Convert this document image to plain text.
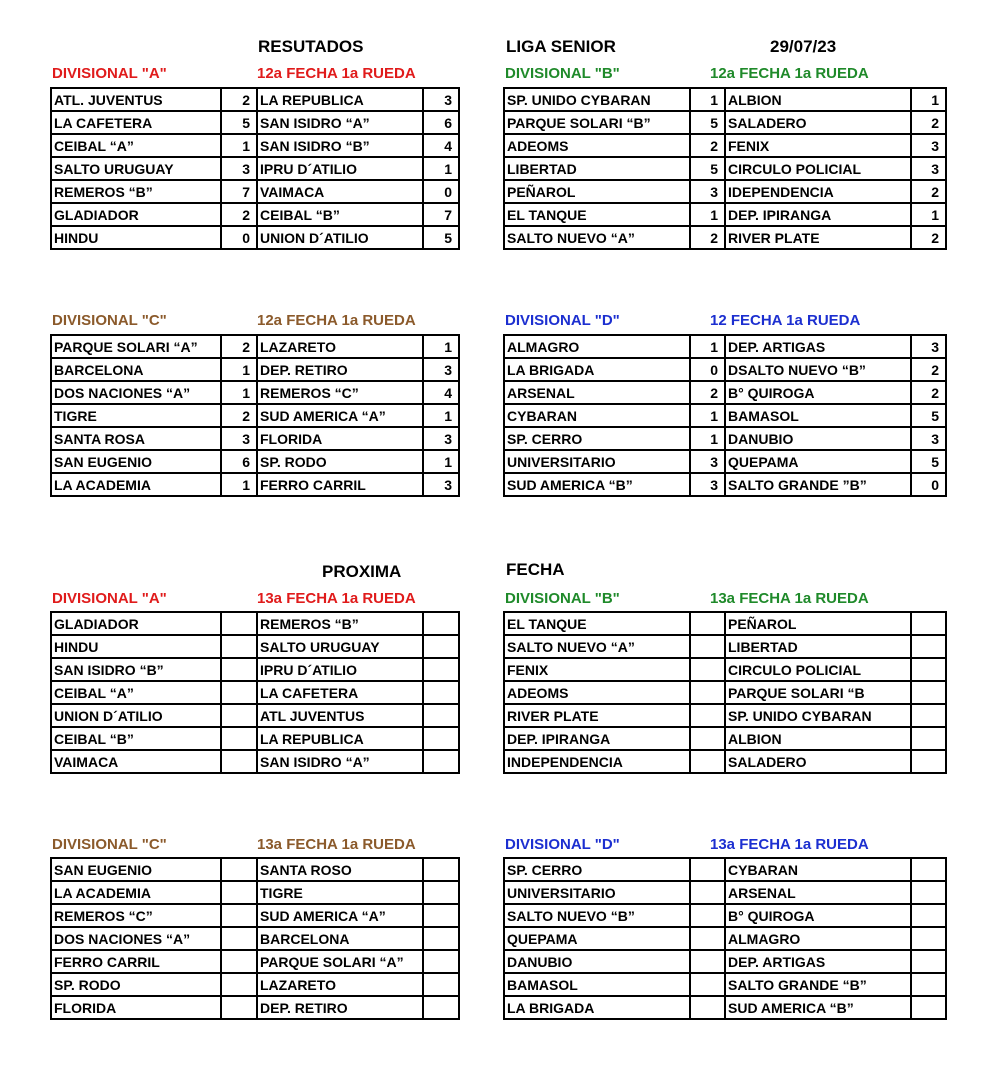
RESUTADOS	LIGA SENIOR	29/07/23
PROXIMA	FECHA
DIVISIONAL "A"	12a FECHA 1a RUEDA
ATL. JUVENTUS	2	LA REPUBLICA	3
LA CAFETERA	5	SAN ISIDRO “A”	6
CEIBAL “A”	1	SAN ISIDRO “B”	4
SALTO URUGUAY	3	IPRU D´ATILIO	1
REMEROS “B”	7	VAIMACA	0
GLADIADOR	2	CEIBAL “B”	7
HINDU	0	UNION D´ATILIO	5
DIVISIONAL "B"	12a FECHA 1a RUEDA
SP. UNIDO CYBARAN	1	ALBION	1
PARQUE SOLARI “B”	5	SALADERO	2
ADEOMS	2	FENIX	3
LIBERTAD	5	CIRCULO POLICIAL	3
PEÑAROL	3	IDEPENDENCIA	2
EL TANQUE	1	DEP. IPIRANGA	1
SALTO NUEVO “A”	2	RIVER PLATE	2
DIVISIONAL "C"	12a FECHA 1a RUEDA
PARQUE SOLARI “A”	2	LAZARETO	1
BARCELONA	1	DEP. RETIRO	3
DOS NACIONES “A”	1	REMEROS “C”	4
TIGRE	2	SUD AMERICA “A”	1
SANTA ROSA	3	FLORIDA	3
SAN EUGENIO	6	SP. RODO	1
LA ACADEMIA	1	FERRO CARRIL	3
DIVISIONAL "D"	12 FECHA 1a RUEDA
ALMAGRO	1	DEP. ARTIGAS	3
LA BRIGADA	0	DSALTO NUEVO “B”	2
ARSENAL	2	B° QUIROGA	2
CYBARAN	1	BAMASOL	5
SP. CERRO	1	DANUBIO	3
UNIVERSITARIO	3	QUEPAMA	5
SUD AMERICA “B”	3	SALTO GRANDE ”B”	0
DIVISIONAL "A"	13a FECHA 1a RUEDA
GLADIADOR		REMEROS “B”	
HINDU		SALTO URUGUAY	
SAN ISIDRO “B”		IPRU D´ATILIO	
CEIBAL “A”		LA CAFETERA	
UNION D´ATILIO		ATL JUVENTUS	
CEIBAL “B”		LA REPUBLICA	
VAIMACA		SAN ISIDRO “A”	
DIVISIONAL "B"	13a FECHA 1a RUEDA
EL TANQUE		PEÑAROL	
SALTO NUEVO “A”		LIBERTAD	
FENIX		CIRCULO POLICIAL	
ADEOMS		PARQUE SOLARI “B	
RIVER PLATE		SP. UNIDO CYBARAN	
DEP. IPIRANGA		ALBION	
INDEPENDENCIA		SALADERO	
DIVISIONAL "C"	13a FECHA 1a RUEDA
SAN EUGENIO		SANTA ROSO	
LA ACADEMIA		TIGRE	
REMEROS “C”		SUD AMERICA “A”	
DOS NACIONES “A”		BARCELONA	
FERRO CARRIL		PARQUE SOLARI “A”	
SP. RODO		LAZARETO	
FLORIDA		DEP. RETIRO	
DIVISIONAL "D"	13a FECHA 1a RUEDA
SP. CERRO		CYBARAN	
UNIVERSITARIO		ARSENAL	
SALTO NUEVO “B”		B° QUIROGA	
QUEPAMA		ALMAGRO	
DANUBIO		DEP. ARTIGAS	
BAMASOL		SALTO GRANDE “B”	
LA BRIGADA		SUD AMERICA “B”	
